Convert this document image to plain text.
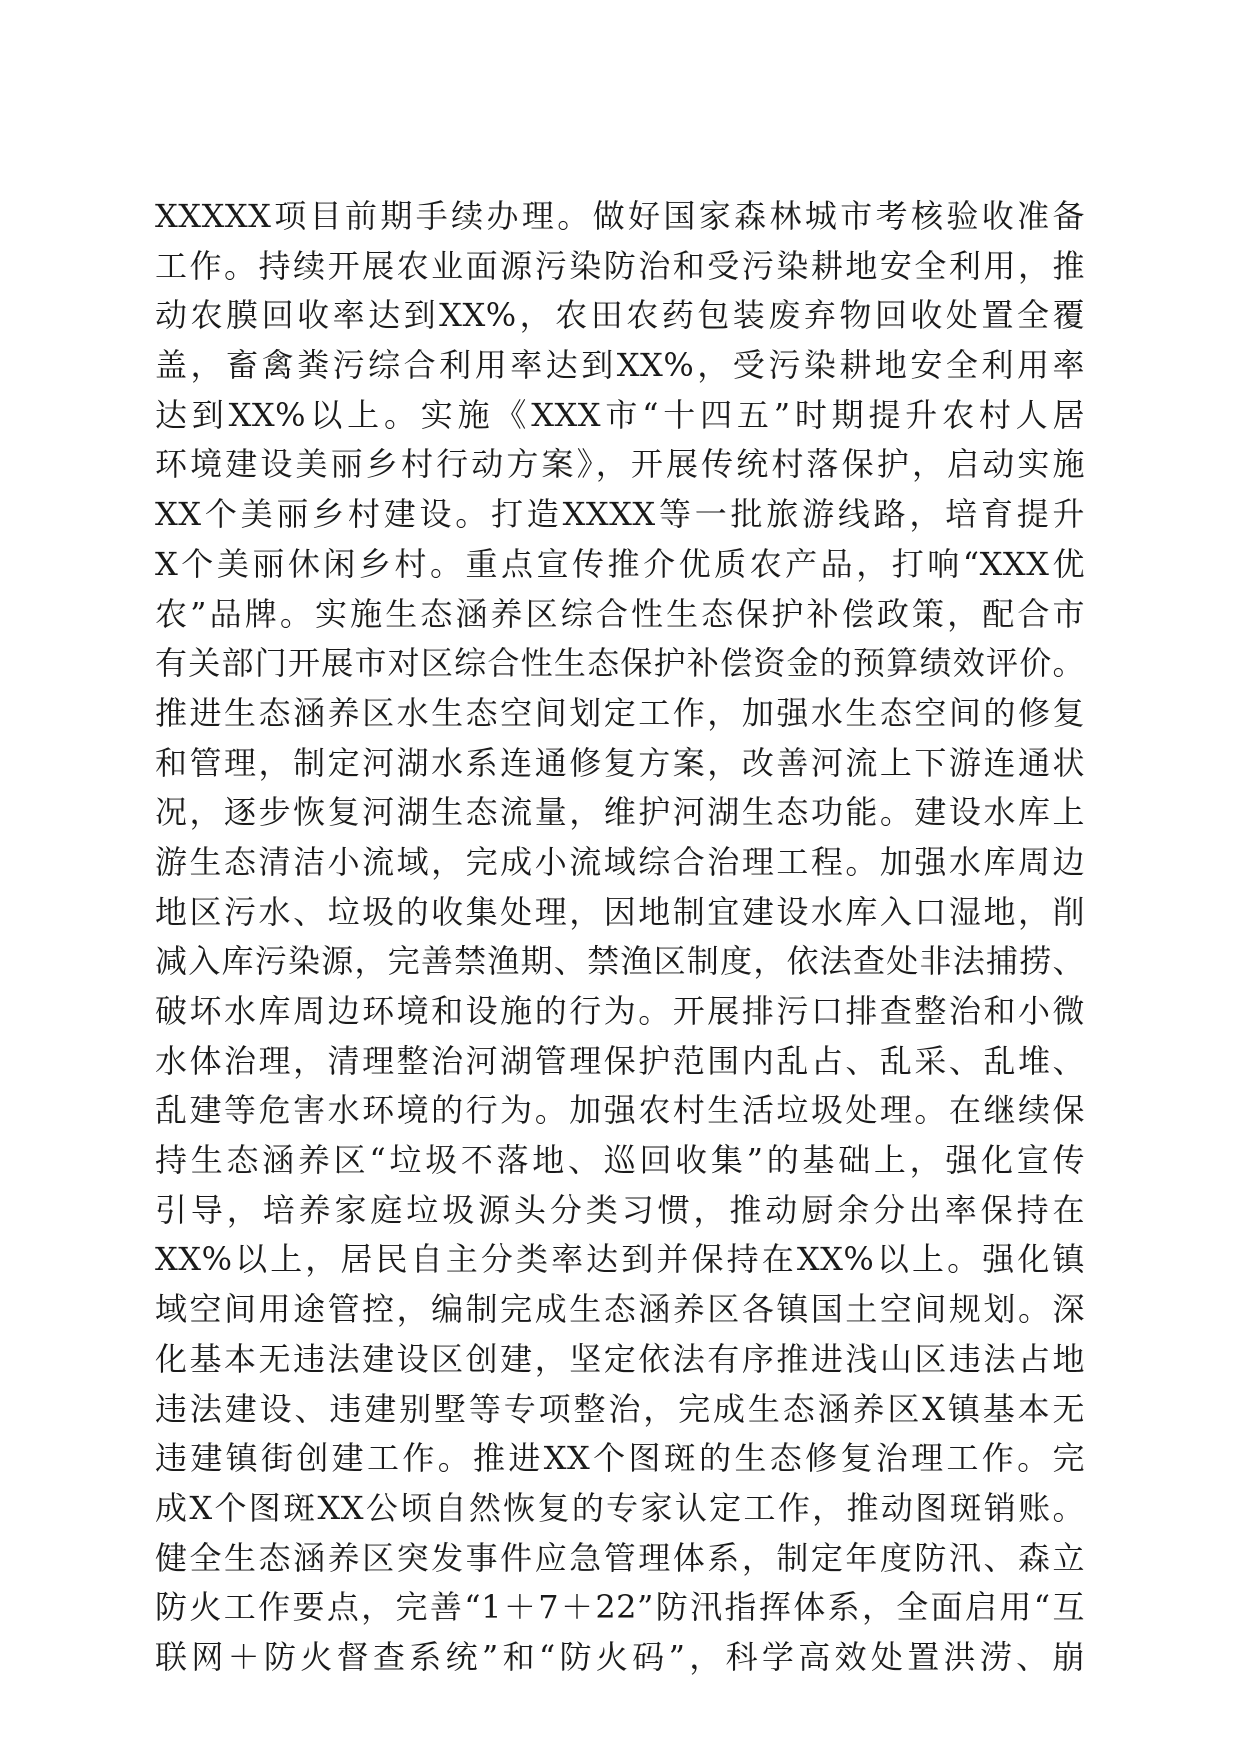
XXXXX项目前期手续办理。做好国家森林城市考核验收准备
工作。持续开展农业面源污染防治和受污染耕地安全利用，推
动农膜回收率达到XX%，农田农药包装废弃物回收处置全覆
盖，畜禽粪污综合利用率达到XX%，受污染耕地安全利用率
达到XX%以上。实施《XXX市“十四五”时期提升农村人居
环境建设美丽乡村行动方案》，开展传统村落保护，启动实施
XX个美丽乡村建设。打造XXXX等一批旅游线路，培育提升
X个美丽休闲乡村。重点宣传推介优质农产品，打响“XXX优
农”品牌。实施生态涵养区综合性生态保护补偿政策，配合市
有关部门开展市对区综合性生态保护补偿资金的预算绩效评价。
推进生态涵养区水生态空间划定工作，加强水生态空间的修复
和管理，制定河湖水系连通修复方案，改善河流上下游连通状
况，逐步恢复河湖生态流量，维护河湖生态功能。建设水库上
游生态清洁小流域，完成小流域综合治理工程。加强水库周边
地区污水、垃圾的收集处理，因地制宜建设水库入口湿地，削
减入库污染源，完善禁渔期、禁渔区制度，依法查处非法捕捞、
破坏水库周边环境和设施的行为。开展排污口排查整治和小微
水体治理，清理整治河湖管理保护范围内乱占、乱采、乱堆、
乱建等危害水环境的行为。加强农村生活垃圾处理。在继续保
持生态涵养区“垃圾不落地、巡回收集”的基础上，强化宣传
引导，培养家庭垃圾源头分类习惯，推动厨余分出率保持在
XX%以上，居民自主分类率达到并保持在XX%以上。强化镇
域空间用途管控，编制完成生态涵养区各镇国土空间规划。深
化基本无违法建设区创建，坚定依法有序推进浅山区违法占地
违法建设、违建别墅等专项整治，完成生态涵养区X镇基本无
违建镇街创建工作。推进XX个图斑的生态修复治理工作。完
成X个图斑XX公顷自然恢复的专家认定工作，推动图斑销账。
健全生态涵养区突发事件应急管理体系，制定年度防汛、森立
防火工作要点，完善“1＋7＋22”防汛指挥体系，全面启用“互
联网＋防火督查系统”和“防火码”，科学高效处置洪涝、崩
